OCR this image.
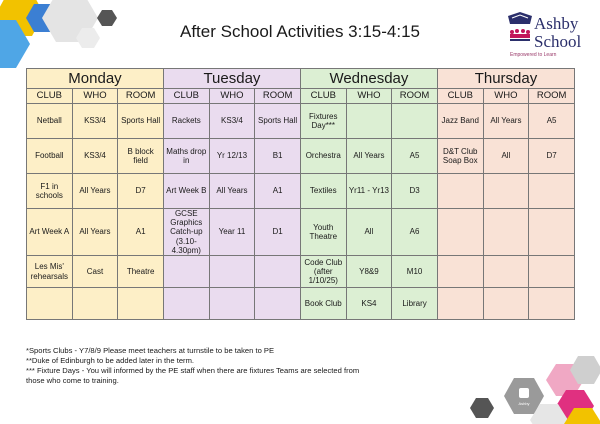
Ashby
After School Activities 3:15-4:15	Ashby
School
Empowered to Learn
Monday			Tuesday			Wednesday			Thursday		
CLUB	WHO	ROOM	CLUB	WHO	ROOM	CLUB	WHO	ROOM	CLUB	WHO	ROOM
Netball	KS3/4	Sports Hall	Rackets	KS3/4	Sports Hall	Fixtures Day***			Jazz Band	All Years	A5
Football	KS3/4	B block field	Maths drop in	Yr 12/13	B1	Orchestra	All Years	A5	D&T Club Soap Box	All	D7
F1 in schools	All Years	D7	Art Week B	All Years	A1	Textiles	Yr11 - Yr13	D3			
Art Week A	All Years	A1	GCSE Graphics Catch-up (3.10-4.30pm)	Year 11	D1	Youth Theatre	All	A6			
Les Mis' rehearsals	Cast	Theatre				Code Club (after 1/10/25)	Y8&9	M10			
						Book Club	KS4	Library			
*Sports Clubs - Y7/8/9 Please meet teachers at turnstile to be taken to PE
**Duke of Edinburgh to be added later in the term.
*** Fixture Days - You will informed by the PE staff when there are fixtures Teams are selected from
those who come to training.
